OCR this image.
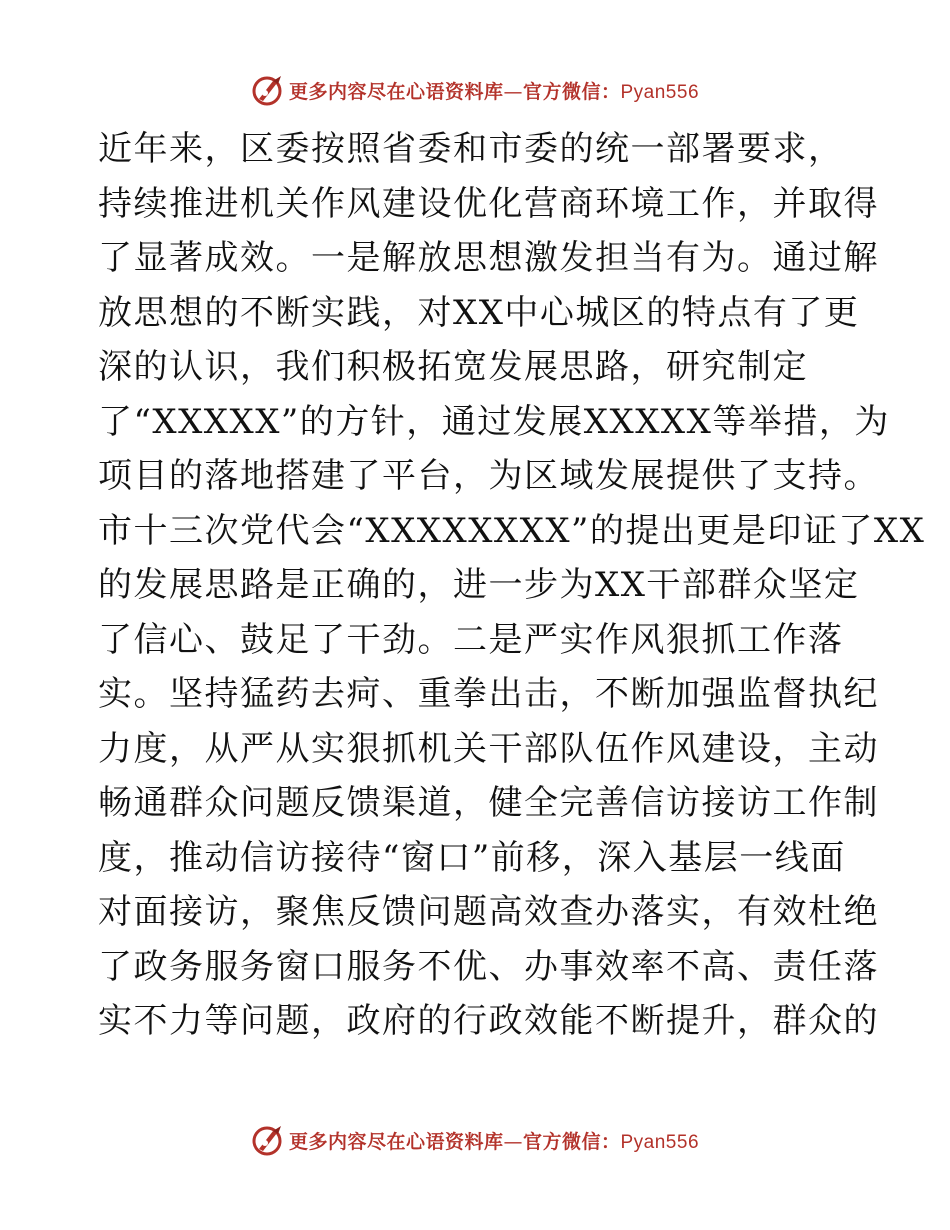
更多内容尽在心语资料库—官方微信：Pyan556
近年来，区委按照省委和市委的统一部署要求，
持续推进机关作风建设优化营商环境工作，并取得
了显著成效。一是解放思想激发担当有为。通过解
放思想的不断实践，对XX中心城区的特点有了更
深的认识，我们积极拓宽发展思路，研究制定
了“XXXXX”的方针，通过发展XXXXX等举措，为
项目的落地搭建了平台，为区域发展提供了支持。
市十三次党代会“XXXXXXXX”的提出更是印证了XX
的发展思路是正确的，进一步为XX干部群众坚定
了信心、鼓足了干劲。二是严实作风狠抓工作落
实。坚持猛药去疴、重拳出击，不断加强监督执纪
力度，从严从实狠抓机关干部队伍作风建设，主动
畅通群众问题反馈渠道，健全完善信访接访工作制
度，推动信访接待“窗口”前移，深入基层一线面
对面接访，聚焦反馈问题高效查办落实，有效杜绝
了政务服务窗口服务不优、办事效率不高、责任落
实不力等问题，政府的行政效能不断提升，群众的
更多内容尽在心语资料库—官方微信：Pyan556
